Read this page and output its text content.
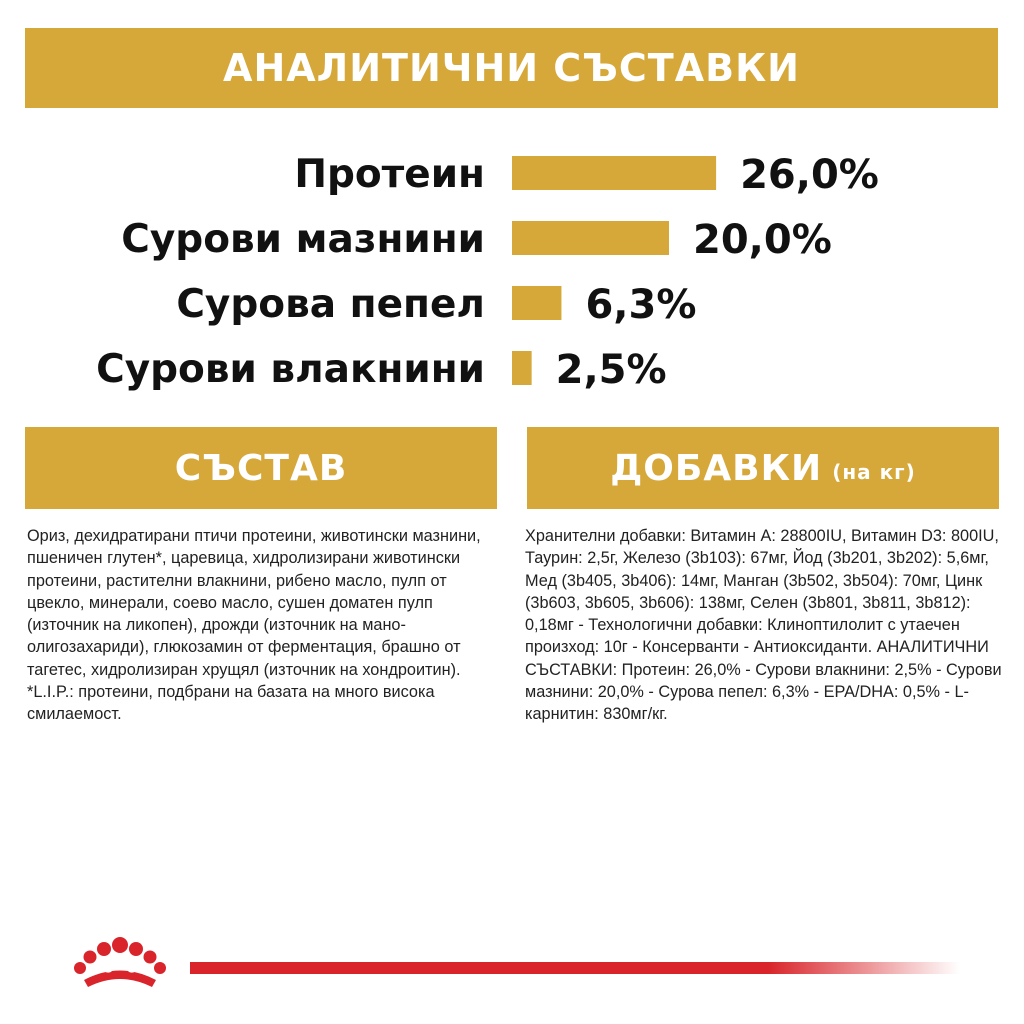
АНАЛИТИЧНИ СЪСТАВКИ
Протеин	26,0%
Сурови мазнини	20,0%
Сурова пепел	6,3%
Сурови влакнини 2,5%
СЪСТАВ	ДОБАВКИ (на кг)

Ориз, дехидратирани птичи протеини, животински мазнини, пшеничен глутен*, царевица, хидролизирани животински протеини, растителни влакнини, рибено масло, пулп от цвекло, минерали, соево масло, сушен доматен пулп (източник на ликопен), дрожди (източник на мано-олигозахариди), глюкозамин от ферментация, брашно от тагетес, хидролизиран хрущял (източник на хондроитин). *L.I.P.: протеини, подбрани на базата на много висока смилаемост.

Хранителни добавки: Витамин А: 28800IU, Витамин D3: 800IU, Таурин: 2,5г, Железо (3b103): 67мг, Йод (3b201, 3b202): 5,6мг, Мед (3b405, 3b406): 14мг, Манган (3b502, 3b504): 70мг, Цинк (3b603, 3b605, 3b606): 138мг, Селен (3b801, 3b811, 3b812): 0,18мг - Технологични добавки: Клиноптилолит с утаечен произход: 10г - Консерванти - Антиоксиданти. АНАЛИТИЧНИ СЪСТАВКИ: Протеин: 26,0% - Сурови влакнини: 2,5% - Сурови мазнини: 20,0% - Сурова пепел: 6,3% - EPA/DHA: 0,5% - L-карнитин: 830мг/кг.
